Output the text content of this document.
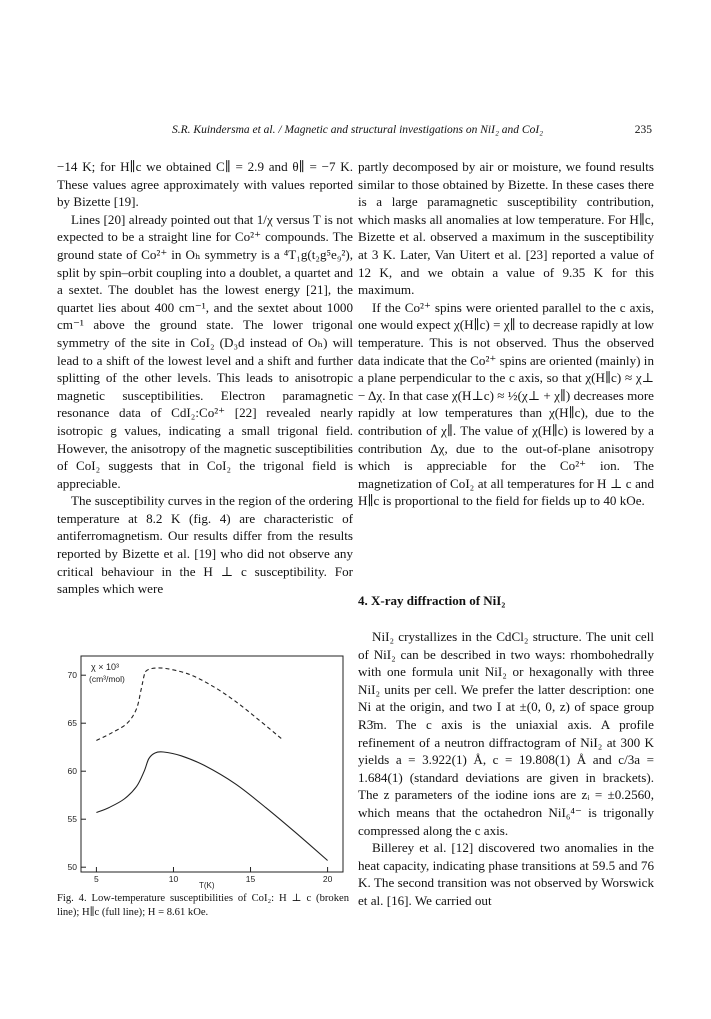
S.R. Kuindersma et al. / Magnetic and structural investigations on NiI₂ and CoI₂	235

−14 K; for H∥c we obtained C∥ = 2.9 and θ∥ = −7 K. These values agree approximately with values reported by Bizette [19].

Lines [20] already pointed out that 1/χ versus T is not expected to be a straight line for Co²⁺ compounds. The ground state of Co²⁺ in Oₕ symmetry is a ⁴T₁g(t₂g⁵e₉²), split by spin–orbit coupling into a doublet, a quartet and a sextet. The doublet has the lowest energy [21], the quartet lies about 400 cm⁻¹, and the sextet about 1000 cm⁻¹ above the ground state. The lower trigonal symmetry of the site in CoI₂ (D₃d instead of Oₕ) will lead to a shift of the lowest level and a shift and further splitting of the other levels. This leads to anisotropic magnetic susceptibilities. Electron paramagnetic resonance data of CdI₂:Co²⁺ [22] revealed nearly isotropic g values, indicating a small trigonal field. However, the anisotropy of the magnetic susceptibilities of CoI₂ suggests that in CoI₂ the trigonal field is appreciable.

The susceptibility curves in the region of the ordering temperature at 8.2 K (fig. 4) are characteristic of antiferromagnetism. Our results differ from the results reported by Bizette et al. [19] who did not observe any critical behaviour in the H ⊥ c susceptibility. For samples which were

partly decomposed by air or moisture, we found results similar to those obtained by Bizette. In these cases there is a large paramagnetic susceptibility contribution, which masks all anomalies at low temperature. For H∥c, Bizette et al. observed a maximum in the susceptibility at 3 K. Later, Van Uitert et al. [23] reported a value of 12 K, and we obtain a value of 9.35 K for this maximum.

If the Co²⁺ spins were oriented parallel to the c axis, one would expect χ(H∥c) = χ∥ to decrease rapidly at low temperature. This is not observed. Thus the observed data indicate that the Co²⁺ spins are oriented (mainly) in a plane perpendicular to the c axis, so that χ(H∥c) ≈ χ⊥ − Δχ. In that case χ(H⊥c) ≈ ½(χ⊥ + χ∥) decreases more rapidly at low temperatures than χ(H∥c), due to the contribution of χ∥. The value of χ(H∥c) is lowered by a contribution Δχ, due to the out-of-plane anisotropy which is appreciable for the Co²⁺ ion. The magnetization of CoI₂ at all temperatures for H ⊥ c and H∥c is proportional to the field for fields up to 40 kOe.

4. X-ray diffraction of NiI₂

NiI₂ crystallizes in the CdCl₂ structure. The unit cell of NiI₂ can be described in two ways: rhombohedrally with one formula unit NiI₂ or hexagonally with three NiI₂ units per cell. We prefer the latter description: one Ni at the origin, and two I at ±(0, 0, z) of space group R3̄m. The c axis is the uniaxial axis. A profile refinement of a neutron diffractogram of NiI₂ at 300 K yields a = 3.922(1) Å, c = 19.808(1) Å and c/3a = 1.684(1) (standard deviations are given in brackets). The z parameters of the iodine ions are zᵢ = ±0.2560, which means that the octahedron NiI₆⁴⁻ is trigonally compressed along the c axis.

Billerey et al. [12] discovered two anomalies in the heat capacity, indicating phase transitions at 59.5 and 76 K. The second transition was not observed by Worswick et al. [16]. We carried out

χ × 10³
(cm³/mol)
T(K)
5	10	15	20
50
55
60
65
70
Fig. 4. Low-temperature susceptibilities of CoI₂: H ⊥ c (broken line); H∥c (full line); H = 8.61 kOe.
